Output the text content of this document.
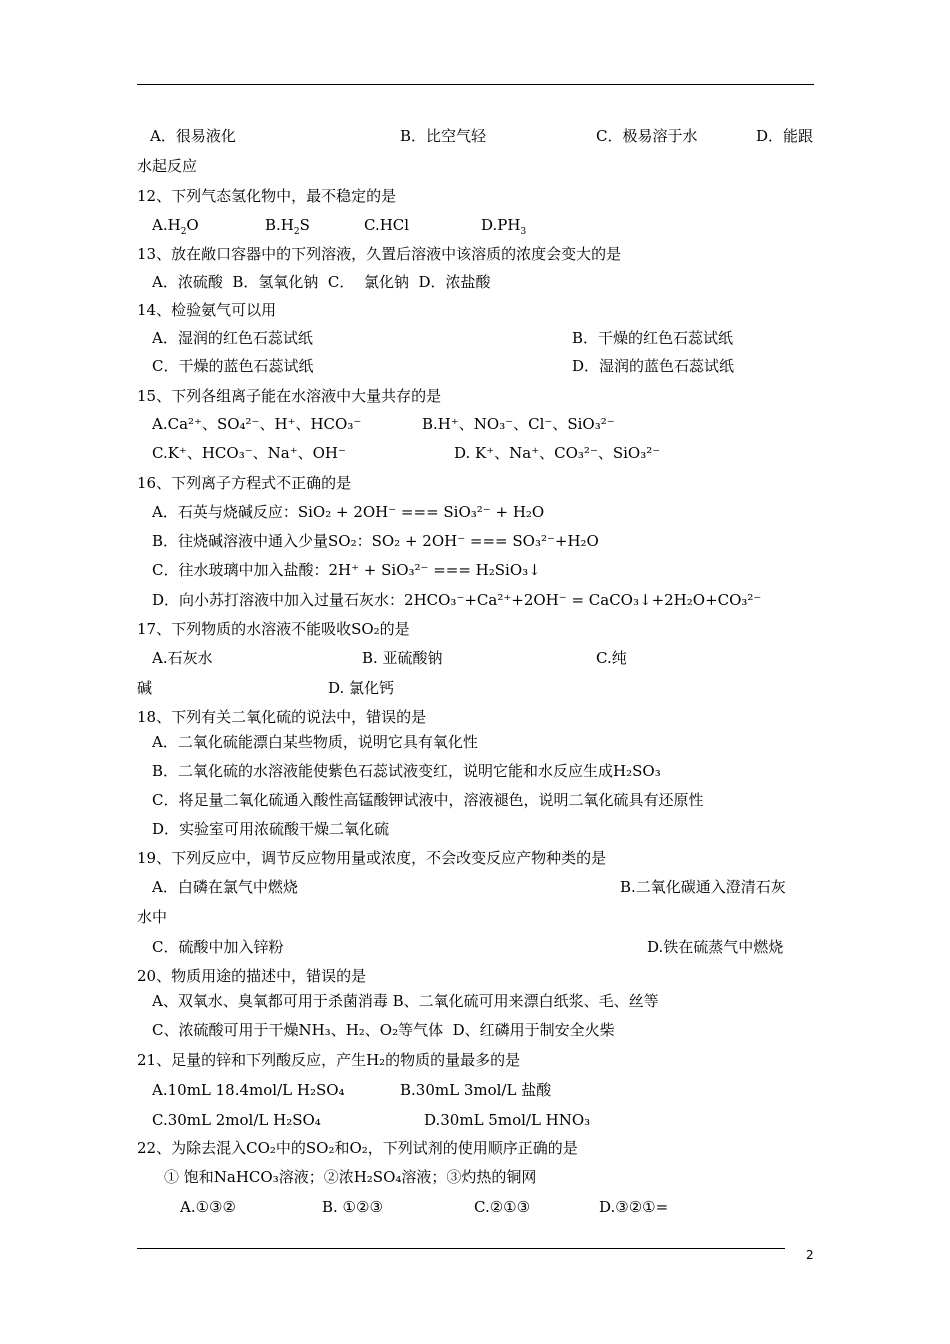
A．很易液化	B．比空气轻	C．极易溶于水	D．能跟
水起反应
12、下列气态氢化物中，最不稳定的是
$A.H_2O$	$B.H_2S$	C.HCl	$D.PH_3$
13、放在敞口容器中的下列溶液，久置后溶液中该溶质的浓度会变大的是
A．浓硫酸  B．氢氧化钠  C．  氯化钠  D．浓盐酸
14、检验氨气可以用
A．湿润的红色石蕊试纸	B．干燥的红色石蕊试纸
C．干燥的蓝色石蕊试纸	D．湿润的蓝色石蕊试纸
15、下列各组离子能在水溶液中大量共存的是
A.Ca²⁺、SO₄²⁻、H⁺、HCO₃⁻	B.H⁺、NO₃⁻、Cl⁻、SiO₃²⁻
C.K⁺、HCO₃⁻、Na⁺、OH⁻	D. K⁺、Na⁺、CO₃²⁻、SiO₃²⁻
16、下列离子方程式不正确的是
A．石英与烧碱反应：SiO₂ + 2OH⁻ === SiO₃²⁻ + H₂O
B．往烧碱溶液中通入少量SO₂：SO₂ + 2OH⁻ === SO₃²⁻+H₂O
C．往水玻璃中加入盐酸：2H⁺ + SiO₃²⁻ === H₂SiO₃↓
D．向小苏打溶液中加入过量石灰水：2HCO₃⁻+Ca²⁺+2OH⁻ = CaCO₃↓+2H₂O+CO₃²⁻
17、下列物质的水溶液不能吸收SO₂的是
A.石灰水	B. 亚硫酸钠	C.纯
碱	D. 氯化钙
18、下列有关二氧化硫的说法中，错误的是
A．二氧化硫能漂白某些物质，说明它具有氧化性
B．二氧化硫的水溶液能使紫色石蕊试液变红，说明它能和水反应生成H₂SO₃
C．将足量二氧化硫通入酸性高锰酸钾试液中，溶液褪色，说明二氧化硫具有还原性
D．实验室可用浓硫酸干燥二氧化硫
19、下列反应中，调节反应物用量或浓度，不会改变反应产物种类的是
A．白磷在氯气中燃烧	B.二氧化碳通入澄清石灰
水中
C．硫酸中加入锌粉	D.铁在硫蒸气中燃烧
20、物质用途的描述中，错误的是
A、双氧水、臭氧都可用于杀菌消毒 B、二氧化硫可用来漂白纸浆、毛、丝等
C、浓硫酸可用于干燥NH₃、H₂、O₂等气体  D、红磷用于制安全火柴
21、足量的锌和下列酸反应，产生H₂的物质的量最多的是
A.10mL 18.4mol/L H₂SO₄	B.30mL 3mol/L 盐酸
C.30mL 2mol/L H₂SO₄	D.30mL 5mol/L HNO₃
22、为除去混入CO₂中的SO₂和O₂，下列试剂的使用顺序正确的是
① 饱和NaHCO₃溶液；②浓H₂SO₄溶液；③灼热的铜网
A.①③②	B. ①②③	C.②①③	D.③②①=
2
